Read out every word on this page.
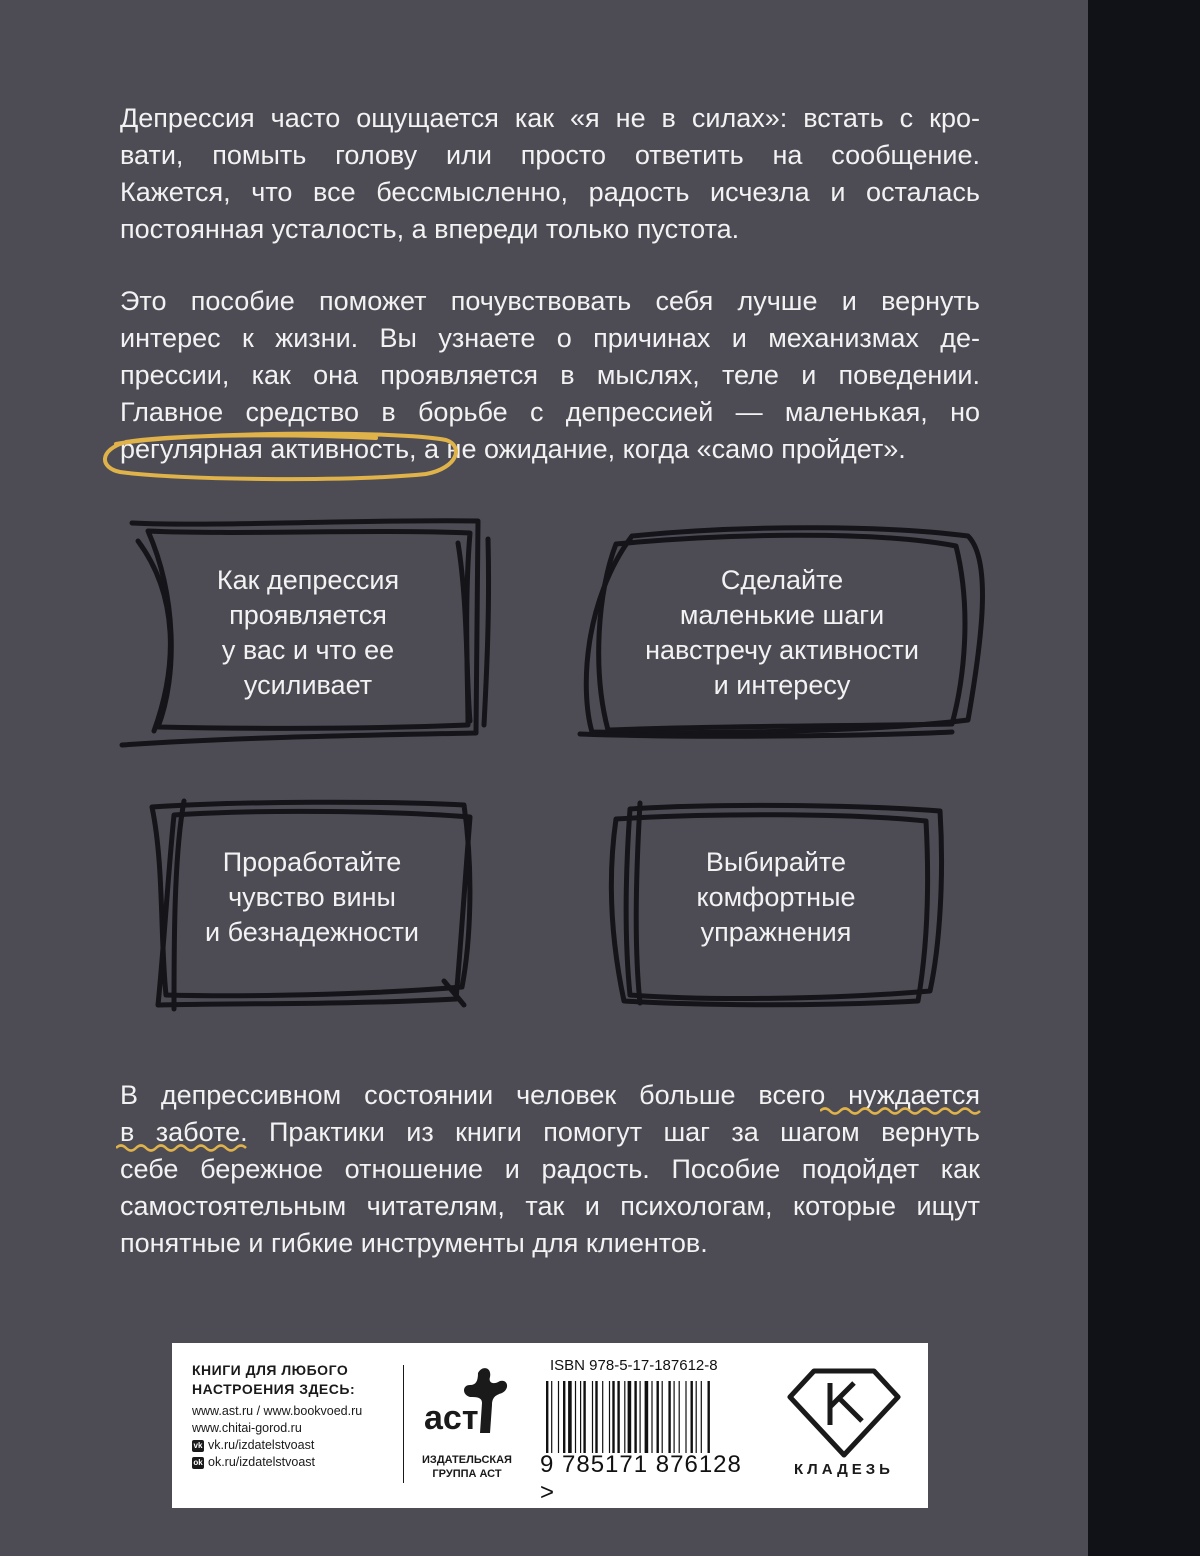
Депрессия часто ощущается как «я не в силах»: встать с кро-
вати, помыть голову или просто ответить на сообщение.
Кажется, что все бессмысленно, радость исчезла и осталась
постоянная усталость, а впереди только пустота.
Это пособие поможет почувствовать себя лучше и вернуть
интерес к жизни. Вы узнаете о причинах и механизмах де-
прессии, как она проявляется в мыслях, теле и поведении.
Главное средство в борьбе с депрессией — маленькая, но
регулярная активность, а не ожидание, когда «само пройдет».
Как депрессия
проявляется
у вас и что ее
усиливает
Сделайте
маленькие шаги
навстречу активности
и интересу
Проработайте
чувство вины
и безнадежности
Выбирайте
комфортные
упражнения
В депрессивном состоянии человек больше всего нуждается
в заботе. Практики из книги помогут шаг за шагом вернуть
себе бережное отношение и радость. Пособие подойдет как
самостоятельным читателям, так и психологам, которые ищут
понятные и гибкие инструменты для клиентов.
КНИГИ ДЛЯ ЛЮБОГО
НАСТРОЕНИЯ ЗДЕСЬ:
www.ast.ru / www.bookvoed.ru
www.chitai-gorod.ru
vk vk.ru/izdatelstvoast
ok ok.ru/izdatelstvoast
аст
ИЗДАТЕЛЬСКАЯ
ГРУППА АСТ
ISBN 978-5-17-187612-8
9 785171 876128 >
КЛАДЕЗЬ
